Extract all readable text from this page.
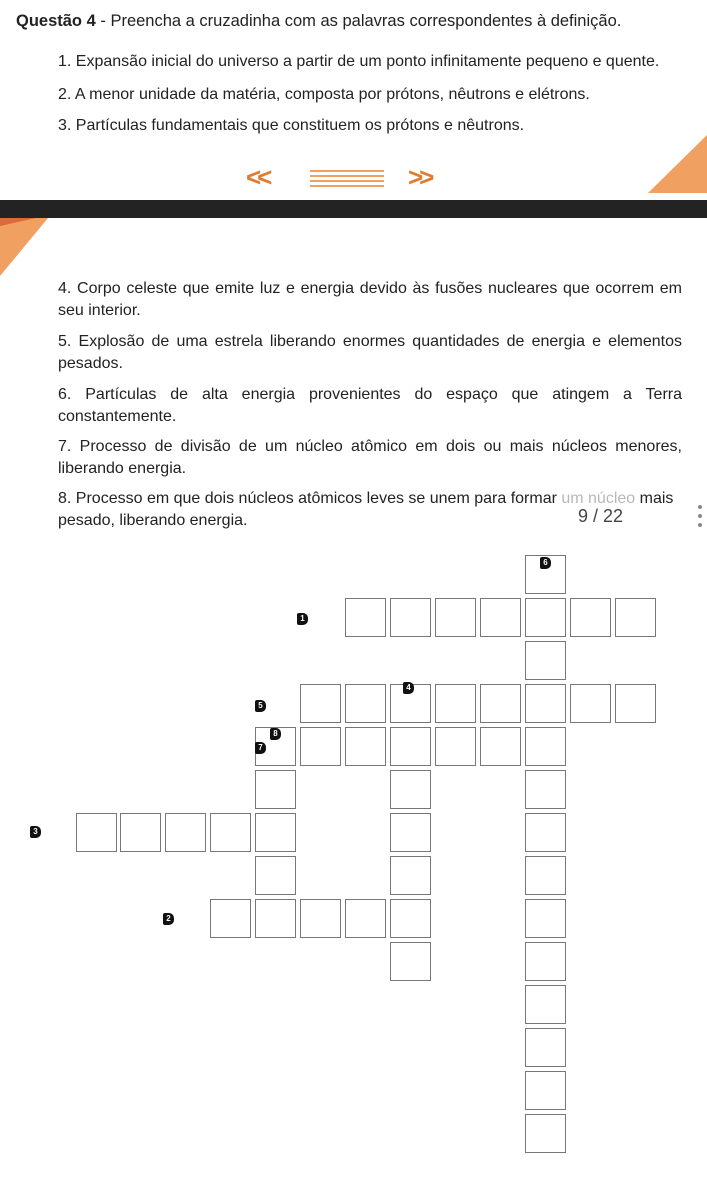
Questão 4 - Preencha a cruzadinha com as palavras correspondentes à definição.
1. Expansão inicial do universo a partir de um ponto infinitamente pequeno e quente.
2. A menor unidade da matéria, composta por prótons, nêutrons e elétrons.
3. Partículas fundamentais que constituem os prótons e nêutrons.
<<	>>
4. Corpo celeste que emite luz e energia devido às fusões nucleares que ocorrem em seu interior.
5. Explosão de uma estrela liberando enormes quantidades de energia e elementos pesados.
6. Partículas de alta energia provenientes do espaço que atingem a Terra constantemente.
7. Processo de divisão de um núcleo atômico em dois ou mais núcleos menores, liberando energia.
8. Processo em que dois núcleos atômicos leves se unem para formar um núcleo mais pesado, liberando energia.	9 / 22
1
2
3
4
5
6
7
8
